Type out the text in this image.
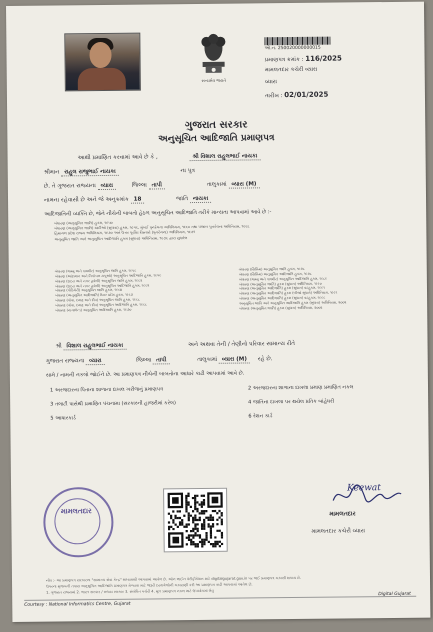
સત્યમેવ જયતે
ઓ.ન. 250020000000015
પ્રમાણપત્ર ક્રમાંક : 116/2025
મામલતદાર કચેરી વ્યારા
વ્યારા
તારીખ : 02/01/2025
ગુજરાત સરકાર
અનુસૂચિત આદિજાતિ પ્રમાણપત્ર
આથી પ્રમાણિત કરવામાં આવે છે કે ,	શ્રી વિશાલ રાહુલભાઈ નાયકા
શ્રીમાન રાહુલ રાજુભાઈ નાયકા	ના પુત્ર
છે. તે ગુજરાત રાજ્યના વ્યારા	જિલ્લા તાપી	તાલુકામાં વ્યારા (M)
નામના રહેવાસી છે અને જે અનુક્રમાંક 18	જાતિ નાયકા
આદિજાતિની વ્યક્તિ છે, જેને નીચેની બાબતો હેઠળ અનુસૂચિત આદિજાતિ તરીકે માન્યતા આપવામાં આવે છે :-
બંધારણ (અનુસૂચિત જાતિ) હુકમ, ૧૯૫૦
બંધારણ (અનુસૂચિત જાતિ) યાદીઓ (સુધારા) હુકમ, ૧૯૫૬, મુંબઈ પુનર્રચના અધિનિયમ, ૧૯૬૦ તથા પંજાબ પુનર્રચના અધિનિયમ, ૧૯૬૬
હિમાચલ પ્રદેશ રાજ્ય અધિનિયમ, ૧૯૭૦ અને ઉત્તર પૂર્વીય વિસ્તારો (પુનર્રચના) અધિનિયમ, ૧૯૭૧
અનુસૂચિત જાતિ અને અનુસૂચિત આદિજાતિ હુકમ (સુધારા) અધિનિયમ, ૧૯૭૬ દ્વારા સુધારેલ
બંધારણ (જમ્મુ અને કાશ્મીર) અનુસૂચિત જાતિ હુકમ, ૧૯૫૬
બંધારણ (આંદામાન અને નિકોબાર ટાપુઓ) અનુસૂચિત આદિજાતિ હુકમ, ૧૯૫૯
બંધારણ (દાદરા અને નગર હવેલી) અનુસૂચિત જાતિ હુકમ, ૧૯૬૨
બંધારણ (દાદરા અને નગર હવેલી) અનુસૂચિત આદિજાતિ હુકમ, ૧૯૬૨
બંધારણ (પોંડિચેરી) અનુસૂચિત જાતિ હુકમ, ૧૯૬૪
બંધારણ (અનુસૂચિત આદિજાતિ) ઉત્તર પ્રદેશ હુકમ, ૧૯૬૭
બંધારણ (ગોવા, દમણ અને દીવ) અનુસૂચિત જાતિ હુકમ, ૧૯૬૮
બંધારણ (ગોવા, દમણ અને દીવ) અનુસૂચિત આદિજાતિ હુકમ, ૧૯૬૮
બંધારણ (નાગાલેન્ડ) અનુસૂચિત આદિજાતિ હુકમ, ૧૯૭૦
બંધારણ (સિક્કિમ) અનુસૂચિત જાતિ હુકમ, ૧૯૭૮
બંધારણ (સિક્કિમ) અનુસૂચિત આદિજાતિ હુકમ, ૧૯૭૮
બંધારણ (જમ્મુ અને કાશ્મીર) અનુસૂચિત આદિજાતિ હુકમ, ૧૯૮૯
બંધારણ (અનુસૂચિત જાતિ) હુકમ (સુધારા) અધિનિયમ, ૧૯૯૦
બંધારણ (અનુસૂચિત આદિજાતિ) હુકમ (સુધારા) વટહુકમ, ૧૯૯૧
બંધારણ (અનુસૂચિત આદિજાતિ) હુકમ (બીજો સુધારો) અધિનિયમ, ૧૯૯૧
બંધારણ (અનુસૂચિત આદિજાતિ) હુકમ (સુધારા) વટહુકમ, ૧૯૯૬
અનુસૂચિત જાતિ અને અનુસૂચિત આદિજાતિ હુકમ (સુધારા) અધિનિયમ, ૨૦૦૨
બંધારણ (અનુસૂચિત જાતિ) હુકમ (સુધારા) અધિનિયમ, ૨૦૦૨
શ્રી વિશાલ રાહુલભાઈ નાયકા	અને અથવા તેની / તેણીનો પરિવાર સામાન્ય રીતે
ગુજરાત રાજ્યના વ્યારા	જિલ્લા તાપી	તાલુકામાં વ્યારા (M) રહે છે.
સામે / નામની નકલો જોઈને છે. આ પ્રમાણપત્ર નીચેની બાબતોના આધારે કાઢી આપવામાં આવે છે.
1 અરજદારના પિતાના શાળાના દાખલ ખરીજનું પ્રમાણપત્ર
3 તલાટી પાસેથી પ્રમાણિત પંચનામા (સરકારની હાજરીમાં કરેલ)
5 આધારકાર્ડ
2 અરજદારના શાળાના દાખલા પ્રમાણ પ્રમાણિત નકલ
4 જાતિના દાખલા પર થયેલ પ્રતિક બાંહેધરી
6 રેશન કાર્ડ
Keewat
મામલતદાર
મામલતદાર કચેરી વ્યારા
મામલતદાર
નોંધ :- આ પ્રમાણપત્ર સરકારના "સામાન્ય સેવા કેન્દ્ર" માધ્યમથી આપવામાં આવેલ છે. ઓન લાઈન વેરીફીકેશન માટે digitalgujarat.gov.in પર જઈ પ્રમાણપત્ર ચકાસી શકાય છે.
ઉપરના મુજબની તપાસ અનુસૂચિત આદિજાતિ પ્રમાણપત્ર મેળવવા માટે જરૂરી દસ્તાવેજોની ચકાસણી કરી આ પ્રમાણપત્ર કાઢી આપવામાં આવેલ છે.
1. ગુજરાત રાજ્યમાં 2. ભારત સરકાર / રાજ્ય સરકાર 3. સંબંધિત કચેરી 4. મૂળ પ્રમાણપત્ર નકલ માટે ઉપયોગમાં લેવું
Courtesy : National Informatics Centre, Gujarat
Digital Gujarat
